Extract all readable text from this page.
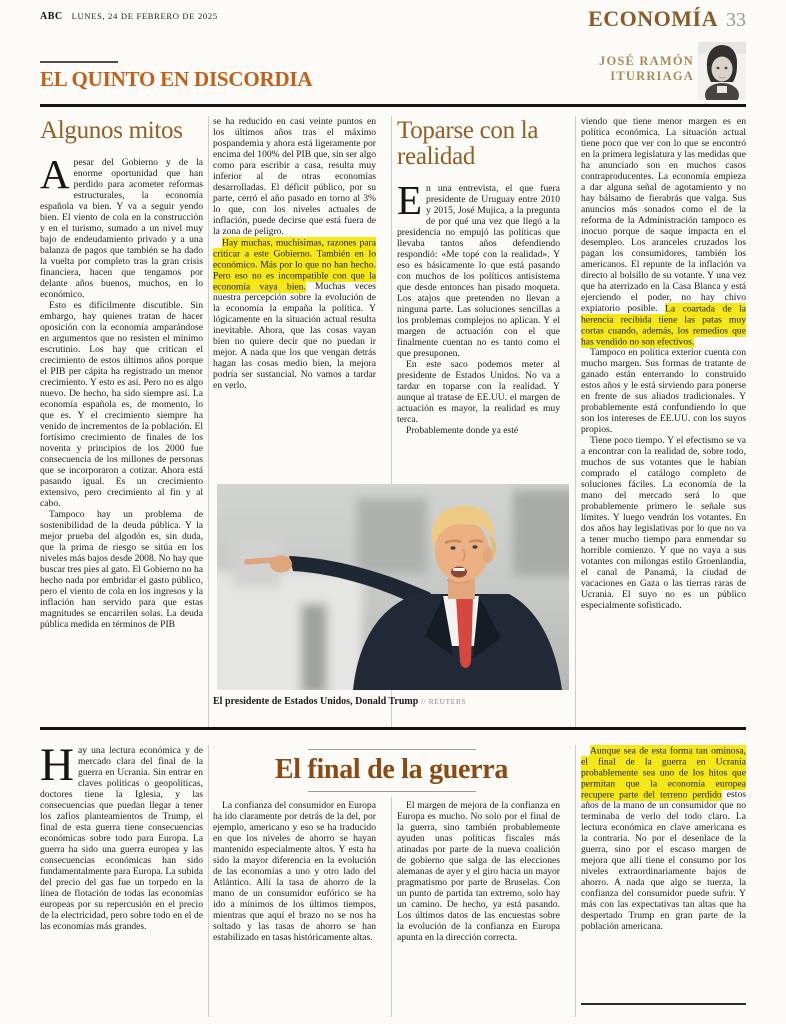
ABC LUNES, 24 DE FEBRERO DE 2025	ECONOMÍA 33
EL QUINTO EN DISCORDIA
JOSÉ RAMÓN
ITURRIAGA
Algunos mitos

Apesar del Gobierno y de la enorme oportunidad que han perdido para acometer reformas estructurales, la economía española va bien. Y va a seguir yendo bien. El viento de cola en la construcción y en el turismo, sumado a un nivel muy bajo de endeudamiento privado y a una balanza de pagos que también se ha dado la vuelta por completo tras la gran crisis financiera, hacen que tengamos por delante años buenos, muchos, en lo económico.

Esto es difícilmente discutible. Sin embargo, hay quienes tratan de hacer oposición con la economía amparándose en argumentos que no resisten el mínimo escrutinio. Los hay que critican el crecimiento de estos últimos años porque el PIB per cápita ha registrado un menor crecimiento. Y esto es así. Pero no es algo nuevo. De hecho, ha sido siempre así. La economía española es, de momento, lo que es. Y el crecimiento siempre ha venido de incrementos de la población. El fortísimo crecimiento de finales de los noventa y principios de los 2000 fue consecuencia de los millones de personas que se incorporaron a cotizar. Ahora está pasando igual. Es un crecimiento extensivo, pero crecimiento al fin y al cabo.

Tampoco hay un problema de sostenibilidad de la deuda pública. Y la mejor prueba del algodón es, sin duda, que la prima de riesgo se sitúa en los niveles más bajos desde 2008. No hay que buscar tres pies al gato. El Gobierno no ha hecho nada por embridar el gasto público, pero el viento de cola en los ingresos y la inflación han servido para que estas magnitudes se encarrilen solas. La deuda pública medida en términos de PIB

se ha reducido en casi veinte puntos en los últimos años tras el máximo pospandemia y ahora está ligeramente por encima del 100% del PIB que, sin ser algo como para escribir a casa, resulta muy inferior al de otras economías desarrolladas. El déficit público, por su parte, cerró el año pasado en torno al 3% lo que, con los niveles actuales de inflación, puede decirse que está fuera de la zona de peligro.

Hay muchas, muchísimas, razones para criticar a este Gobierno. También en lo económico. Más por lo que no han hecho. Pero eso no es incompatible con que la economía vaya bien. Muchas veces nuestra percepción sobre la evolución de la economía la empaña la política. Y lógicamente en la situación actual resulta inevitable. Ahora, que las cosas vayan bien no quiere decir que no puedan ir mejor. A nada que los que vengan detrás hagan las cosas medio bien, la mejora podría ser sustancial. No vamos a tardar en verlo.

Toparse con la realidad

En una entrevista, el que fuera presidente de Uruguay entre 2010 y 2015, José Mujica, a la pregunta de por qué una vez que llegó a la presidencia no empujó las políticas que llevaba tantos años defendiendo respondió: «Me topé con la realidad». Y eso es básicamente lo que está pasando con muchos de los políticos antisistema que desde entonces han pisado moqueta. Los atajos que pretenden no llevan a ninguna parte. Las soluciones sencillas a los problemas complejos no aplican. Y el margen de actuación con el que finalmente cuentan no es tanto como el que presuponen.

En este saco podemos meter al presidente de Estados Unidos. No va a tardar en toparse con la realidad. Y aunque al tratase de EE.UU. el margen de actuación es mayor, la realidad es muy terca.

Probablemente donde ya esté

viendo que tiene menor margen es en política económica. La situación actual tiene poco que ver con lo que se encontró en la primera legislatura y las medidas que ha anunciado son en muchos casos contraproducentes. La economía empieza a dar alguna señal de agotamiento y no hay bálsamo de fierabrás que valga. Sus anuncios más sonados como el de la reforma de la Administración tampoco es inocuo porque de saque impacta en el desempleo. Los aranceles cruzados los pagan los consumidores, también los americanos. El repunte de la inflación va directo al bolsillo de su votante. Y una vez que ha aterrizado en la Casa Blanca y está ejerciendo el poder, no hay chivo expiatorio posible. La coartada de la herencia recibida tiene las patas muy cortas cuando, además, los remedios que has vendido no son efectivos.

Tampoco en política exterior cuenta con mucho margen. Sus formas de tratante de ganado están enterrando lo construido estos años y le está sirviendo para ponerse en frente de sus aliados tradicionales. Y probablemente está confundiendo lo que son los intereses de EE.UU. con los suyos propios.

Tiene poco tiempo. Y el efectismo se va a encontrar con la realidad de, sobre todo, muchos de sus votantes que le habían comprado el catálogo completo de soluciones fáciles. La economía de la mano del mercado será lo que probablemente primero le señale sus límites. Y luego vendrán los votantes. En dos años hay legislativas por lo que no va a tener mucho tiempo para enmendar su horrible comienzo. Y que no vaya a sus votantes con milongas estilo Groenlandia, el canal de Panamá, la ciudad de vacaciones en Gaza o las tierras raras de Ucrania. El suyo no es un público especialmente sofisticado.

El presidente de Estados Unidos, Donald Trump // REUTERS
El final de la guerra

Hay una lectura económica y de mercado clara del final de la guerra en Ucrania. Sin entrar en claves políticas o geopolíticas, doctores tiene la Iglesia, y las consecuencias que puedan llegar a tener los zafios planteamientos de Trump, el final de esta guerra tiene consecuencias económicas sobre todo para Europa. La guerra ha sido una guerra europea y las consecuencias económicas han sido fundamentalmente para Europa. La subida del precio del gas fue un torpedo en la línea de flotación de todas las economías europeas por su repercusión en el precio de la electricidad, pero sobre todo en el de las economías más grandes.

La confianza del consumidor en Europa ha ido claramente por detrás de la del, por ejemplo, americano y eso se ha traducido en que los niveles de ahorro se hayan mantenido especialmente altos. Y esta ha sido la mayor diferencia en la evolución de las economías a uno y otro lado del Atlántico. Allí la tasa de ahorro de la mano de un consumidor eufórico se ha ido a mínimos de los últimos tiempos, mientras que aquí el brazo no se nos ha soltado y las tasas de ahorro se han estabilizado en tasas históricamente altas.

El margen de mejora de la confianza en Europa es mucho. No solo por el final de la guerra, sino también probablemente ayuden unas políticas fiscales más atinadas por parte de la nueva coalición de gobierno que salga de las elecciones alemanas de ayer y el giro hacia un mayor pragmatismo por parte de Bruselas. Con un punto de partida tan extremo, solo hay un camino. De hecho, ya está pasando. Los últimos datos de las encuestas sobre la evolución de la confianza en Europa apunta en la dirección correcta.

Aunque sea de esta forma tan ominosa, el final de la guerra en Ucrania probablemente sea uno de los hitos que permitan que la economía europea recupere parte del terreno perdido estos años de la mano de un consumidor que no terminaba de verlo del todo claro. La lectura económica en clave americana es la contraria. No por el desenlace de la guerra, sino por el escaso margen de mejora que allí tiene el consumo por los niveles extraordinariamente bajos de ahorro. A nada que algo se tuerza, la confianza del consumidor puede sufrir. Y más con las expectativas tan altas que ha despertado Trump en gran parte de la población americana.
